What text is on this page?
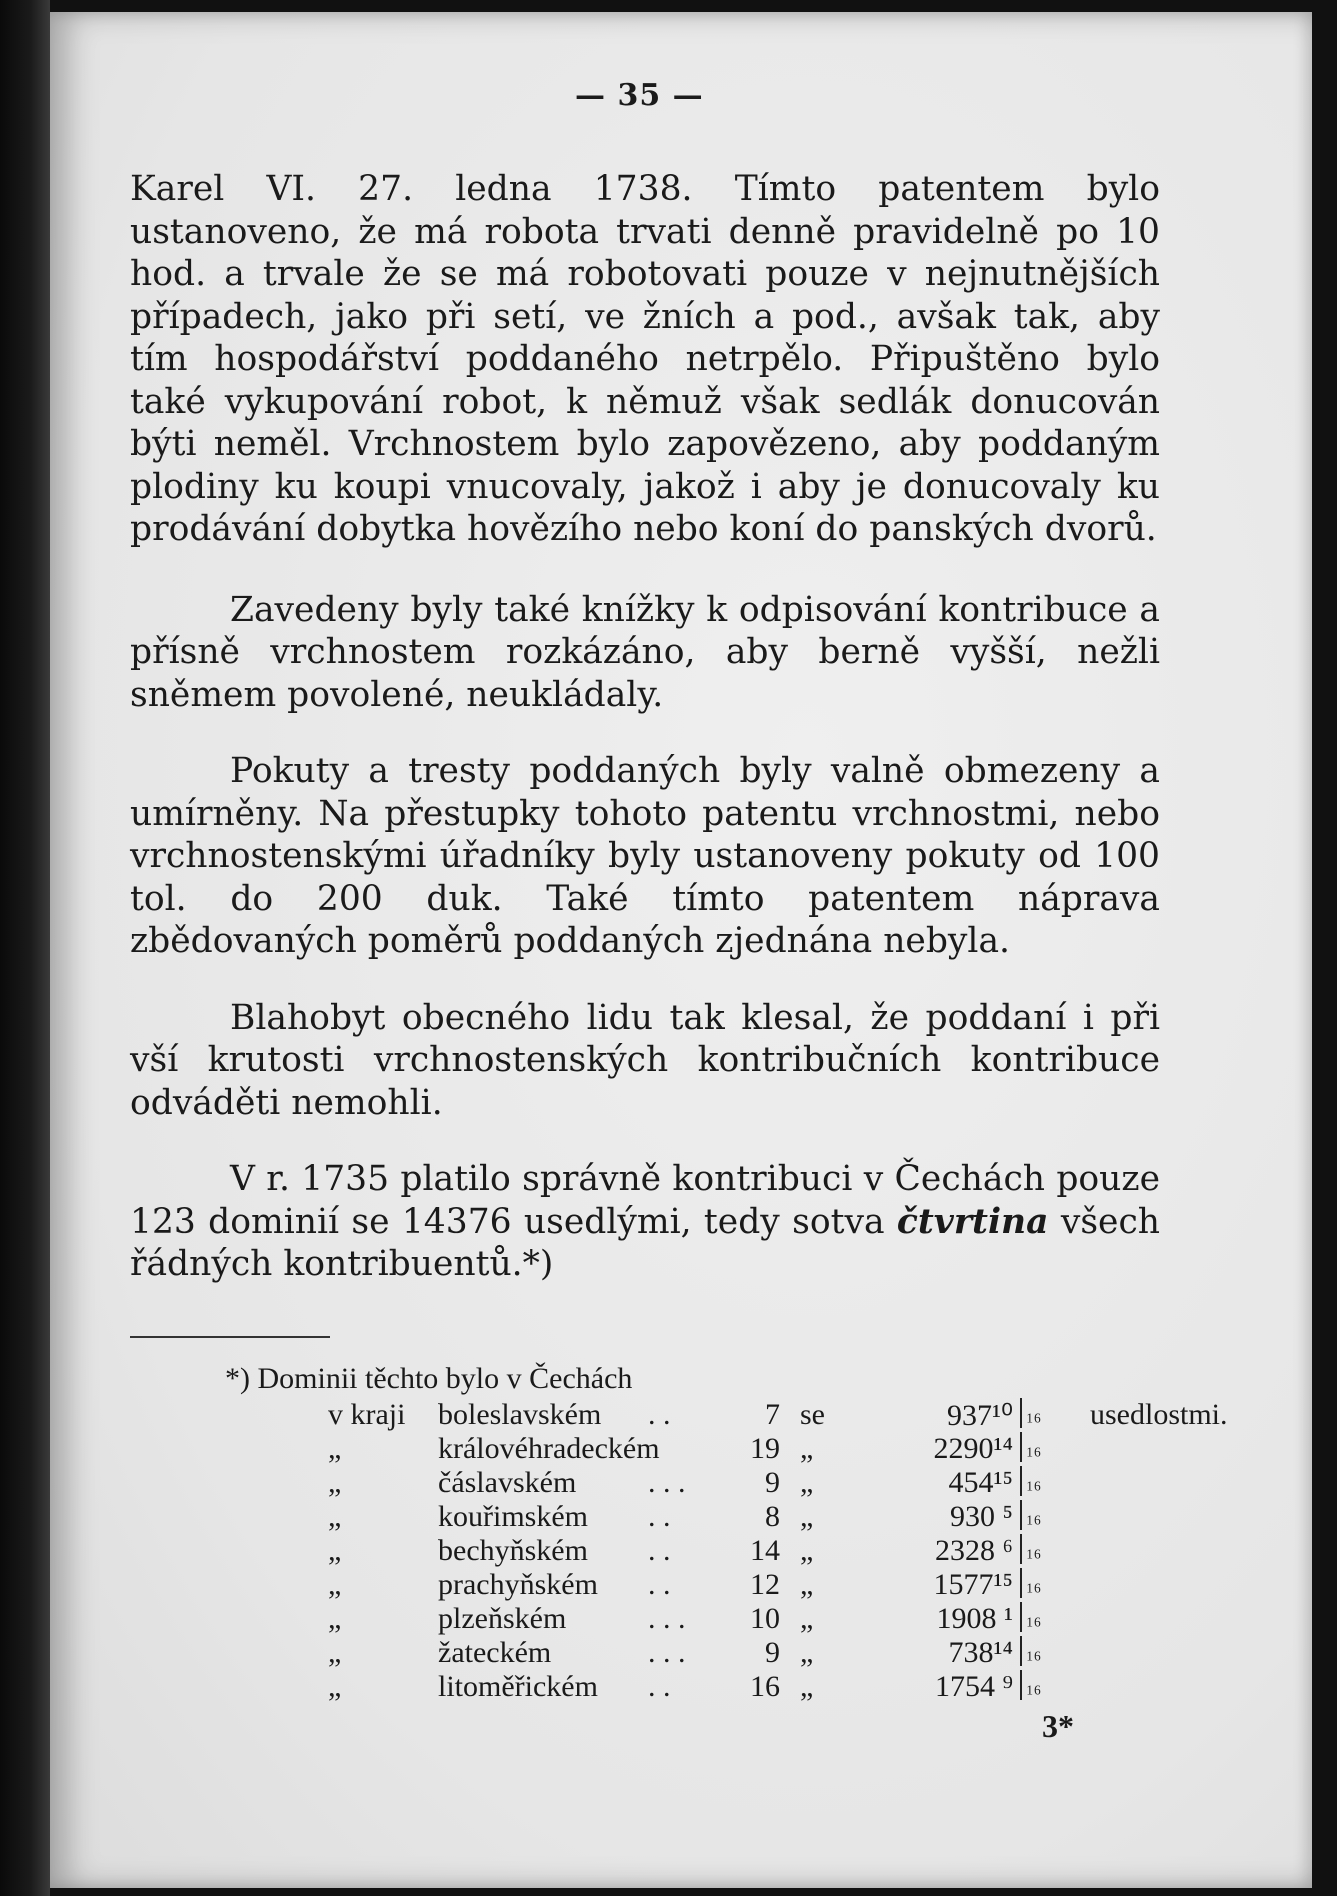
— 35 —

Karel VI. 27. ledna 1738. Tímto patentem bylo ustanoveno, že má robota trvati denně pravidelně po 10 hod. a trvale že se má robotovati pouze v nejnutnějších případech, jako při setí, ve žních a pod., avšak tak, aby tím hospodářství poddaného netrpělo. Připuštěno bylo také vykupování robot, k němuž však sedlák donucován býti neměl. Vrchnostem bylo zapovězeno, aby poddaným plodiny ku koupi vnucovaly, jakož i aby je donucovaly ku prodávání dobytka hovězího nebo koní do panských dvorů.

Zavedeny byly také knížky k odpisování kontribuce a přísně vrchnostem rozkázáno, aby berně vyšší, nežli sněmem povolené, neukládaly.

Pokuty a tresty poddaných byly valně obmezeny a umírněny. Na přestupky tohoto patentu vrchnostmi, nebo vrchnostenskými úřadníky byly ustanoveny pokuty od 100 tol. do 200 duk. Také tímto patentem náprava zbědovaných poměrů poddaných zjednána nebyla.

Blahobyt obecného lidu tak klesal, že poddaní i při vší krutosti vrchnostenských kontribučních kontribuce odváděti nemohli.

V r. 1735 platilo správně kontribuci v Čechách pouze 123 dominií se 14376 usedlými, tedy sotva čtvrtina všech řádných kontribuentů.*)

*) Dominii těchto bylo v Čechách
v kraji boleslavském . .	7 se	937¹⁰ ₁₆ usedlostmi.
„	královéhradeckém	19 „	2290¹⁴ ₁₆
„	čáslavském . . .	9 „	454¹⁵ ₁₆
„	kouřimském . .	8 „	930 ⁵ ₁₆
„	bechyňském . .	14 „	2328 ⁶ ₁₆
„	prachyňském . .	12 „	1577¹⁵ ₁₆
„	plzeňském	. . .	10 „	1908 ¹ ₁₆
„	žateckém	. . .	9 „	738¹⁴ ₁₆
„	litoměřickém . .	16 „	1754 ⁹ ₁₆
3*
